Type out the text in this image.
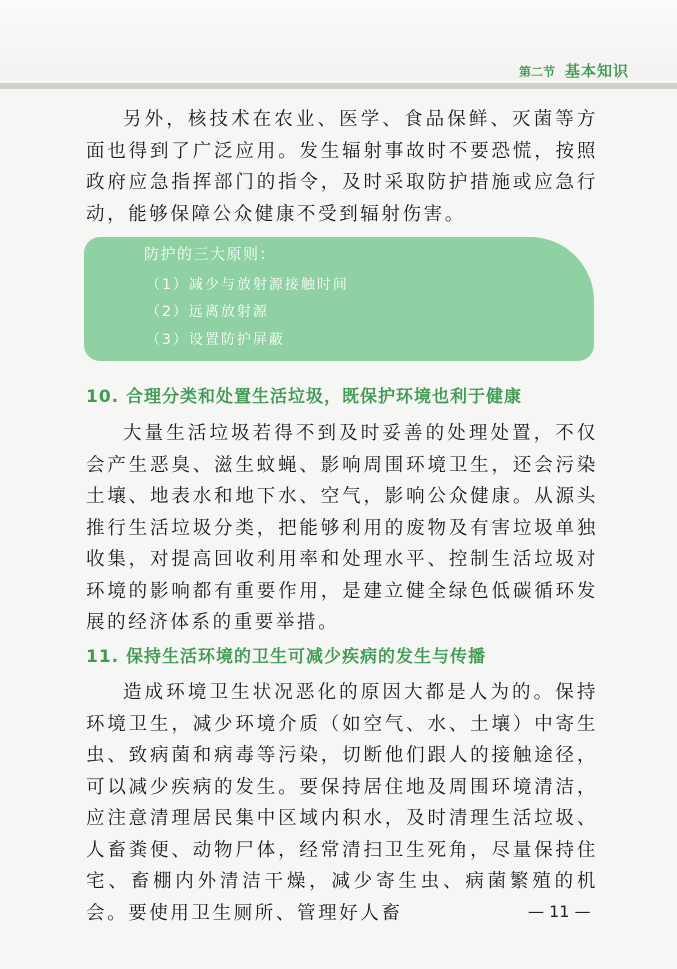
第二节 基本知识
另外，核技术在农业、医学、食品保鲜、灭菌等方面也得到了广泛应用。发生辐射事故时不要恐慌，按照政府应急指挥部门的指令，及时采取防护措施或应急行动，能够保障公众健康不受到辐射伤害。
防护的三大原则：
（1）减少与放射源接触时间
（2）远离放射源
（3）设置防护屏蔽
10. 合理分类和处置生活垃圾，既保护环境也利于健康
大量生活垃圾若得不到及时妥善的处理处置，不仅会产生恶臭、滋生蚊蝇、影响周围环境卫生，还会污染土壤、地表水和地下水、空气，影响公众健康。从源头推行生活垃圾分类，把能够利用的废物及有害垃圾单独收集，对提高回收利用率和处理水平、控制生活垃圾对环境的影响都有重要作用，是建立健全绿色低碳循环发展的经济体系的重要举措。
11. 保持生活环境的卫生可减少疾病的发生与传播
造成环境卫生状况恶化的原因大都是人为的。保持环境卫生，减少环境介质（如空气、水、土壤）中寄生虫、致病菌和病毒等污染，切断他们跟人的接触途径，可以减少疾病的发生。要保持居住地及周围环境清洁，应注意清理居民集中区域内积水，及时清理生活垃圾、人畜粪便、动物尸体，经常清扫卫生死角，尽量保持住宅、畜棚内外清洁干燥，减少寄生虫、病菌繁殖的机会。要使用卫生厕所、管理好人畜	— 11 —
